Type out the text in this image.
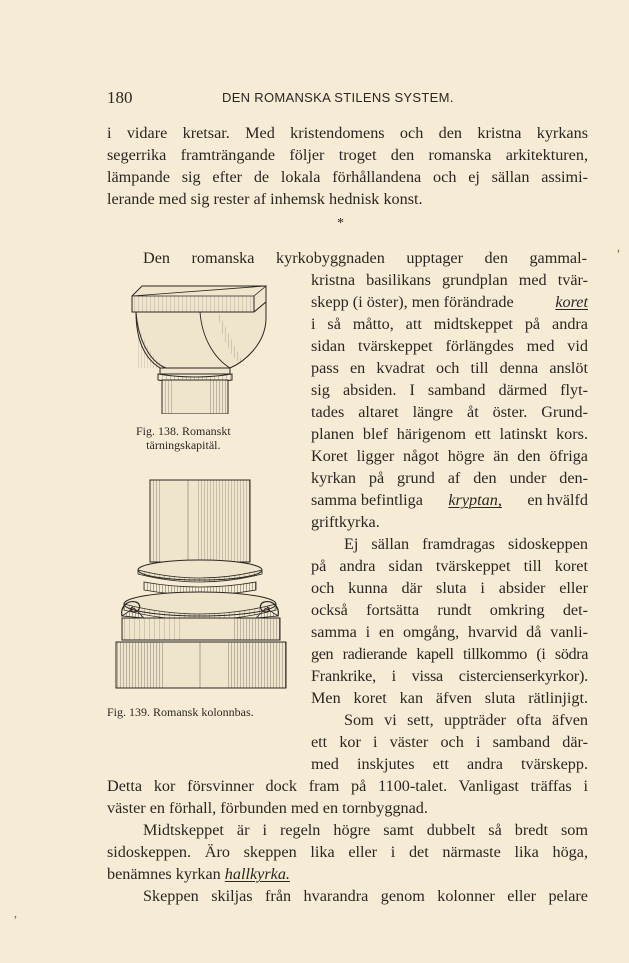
180	DEN ROMANSKA STILENS SYSTEM.
i vidare kretsar. Med kristendomens och den kristna kyrkans
segerrika framträngande följer troget den romanska arkitekturen,
lämpande sig efter de lokala förhållandena och ej sällan assimi-
lerande med sig rester af inhemsk hednisk konst.
*
Den romanska kyrkobyggnaden upptager den gammal-
kristna basilikans grundplan med tvär-
skepp (i öster), men förändrade	koret
i så måtto, att midtskeppet på andra
sidan tvärskeppet förlängdes med vid
pass en kvadrat och till denna anslöt
sig absiden. I samband därmed flyt-
tades altaret längre åt öster. Grund-
planen blef härigenom ett latinskt kors.
Koret ligger något högre än den öfriga
kyrkan på grund af den under den-
samma befintliga kryptan, en hvälfd
griftkyrka.
Ej sällan framdragas sidoskeppen
på andra sidan tvärskeppet till koret
och kunna där sluta i absider eller
också fortsätta rundt omkring det-
samma i en omgång, hvarvid då vanli-
gen radierande kapell tillkommo (i södra
Frankrike, i vissa cistercienserkyrkor).
Men koret kan äfven sluta rätlinjigt.
Som vi sett, uppträder ofta äfven
ett kor i väster och i samband där-
med inskjutes ett andra tvärskepp.
Detta kor försvinner dock fram på 1100-talet. Vanligast träffas i
väster en förhall, förbunden med en tornbyggnad.
Midtskeppet är i regeln högre samt dubbelt så bredt som
sidoskeppen. Äro skeppen lika eller i det närmaste lika höga,
benämnes kyrkan hallkyrka.
Skeppen skiljas från hvarandra genom kolonner eller pelare
Fig. 138. Romanskt
tärningskapitäl.
Fig. 139. Romansk kolonnbas.
,
,
